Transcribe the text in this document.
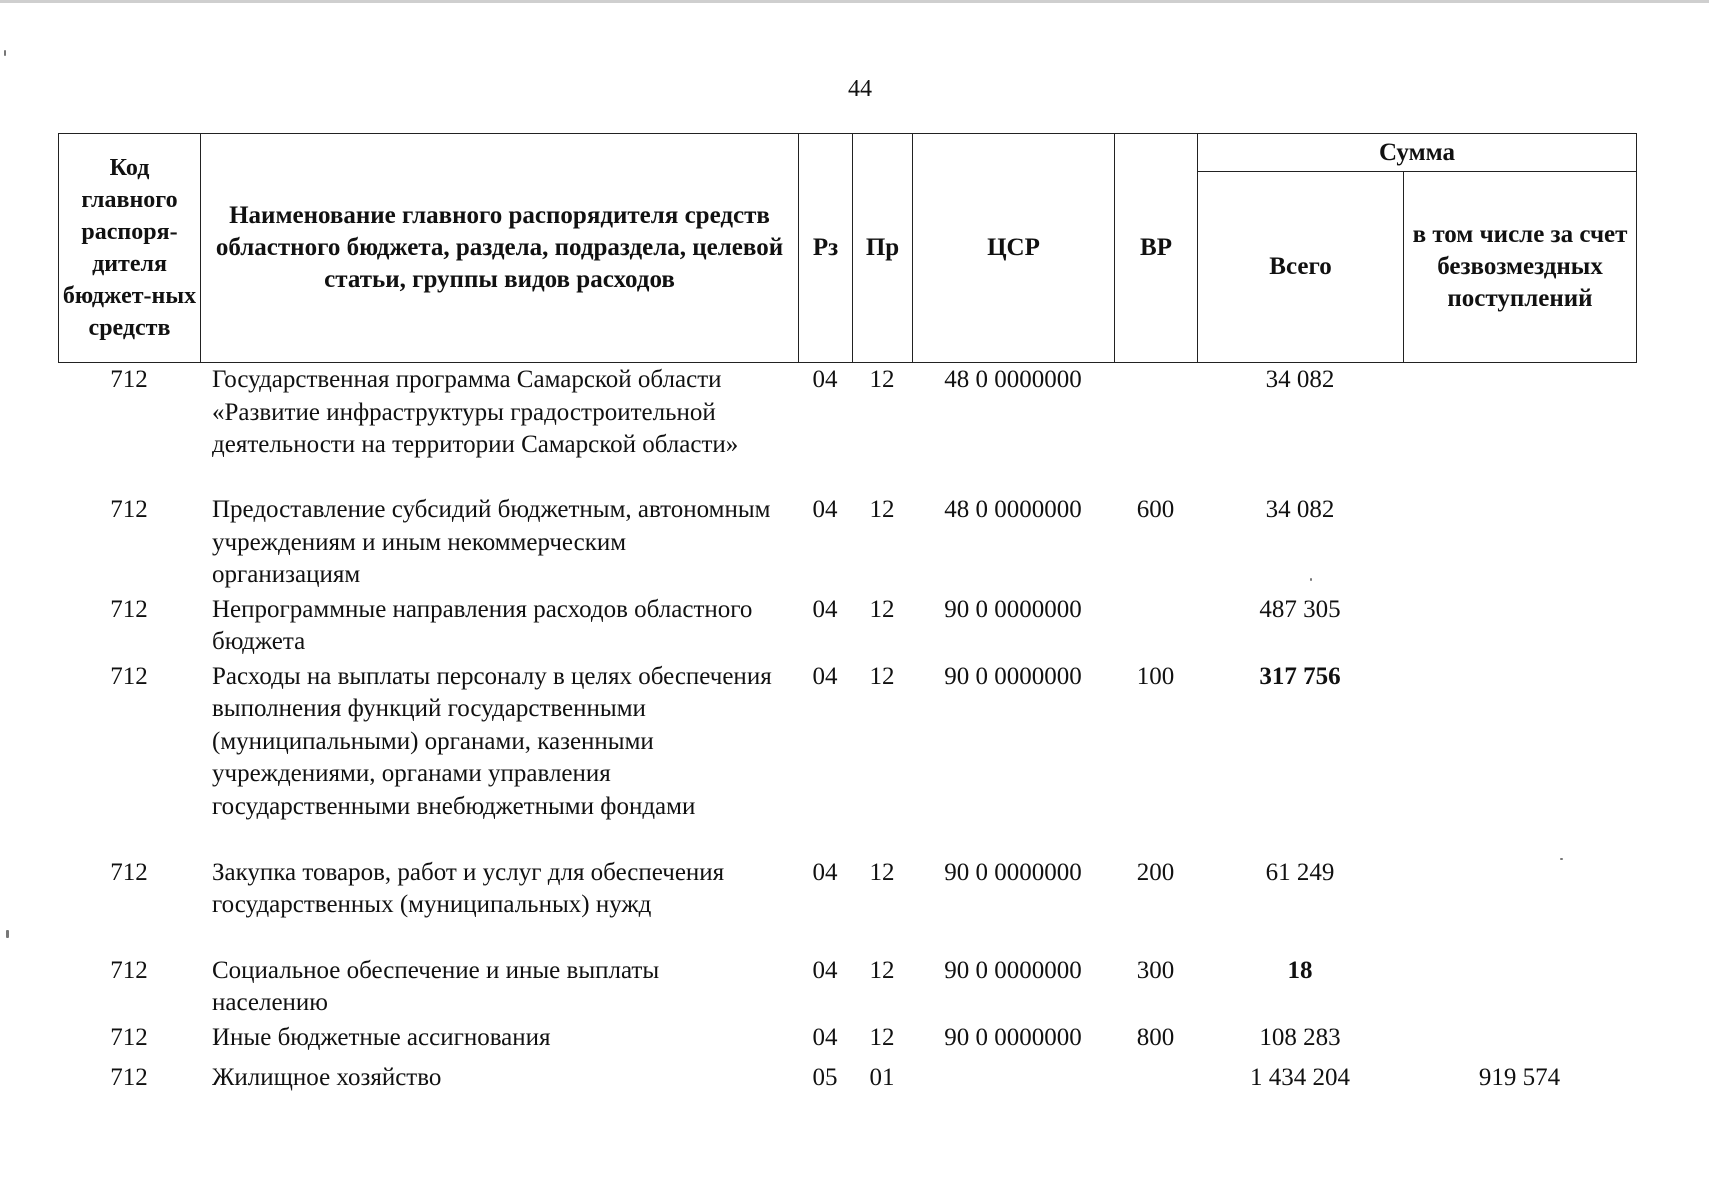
44
Код главного распоря-дителя бюджет-ных средств	Наименование главного распорядителя средств областного бюджета, раздела, подраздела, целевой статьи, группы видов расходов	Рз	Пр	ЦСР	ВР	Сумма	
						Всего	в том числе за счет безвозмездных поступлений
712	Государственная программа Самарской области «Развитие инфраструктуры градостроительной деятельности на территории Самарской области»	04	12	48 0 0000000		34 082	
712	Предоставление субсидий бюджетным, автономным учреждениям и иным некоммерческим организациям	04	12	48 0 0000000	600	34 082	
712	Непрограммные направления расходов областного бюджета	04	12	90 0 0000000		487 305	
712	Расходы на выплаты персоналу в целях обеспечения выполнения функций государственными (муниципальными) органами, казенными учреждениями, органами управления государственными внебюджетными фондами	04	12	90 0 0000000	100	317 756	
712	Закупка товаров, работ и услуг для обеспечения государственных (муниципальных) нужд	04	12	90 0 0000000	200	61 249	
712	Социальное обеспечение и иные выплаты населению	04	12	90 0 0000000	300	18	
712	Иные бюджетные ассигнования	04	12	90 0 0000000	800	108 283	
712	Жилищное хозяйство	05	01			1 434 204	919 574
